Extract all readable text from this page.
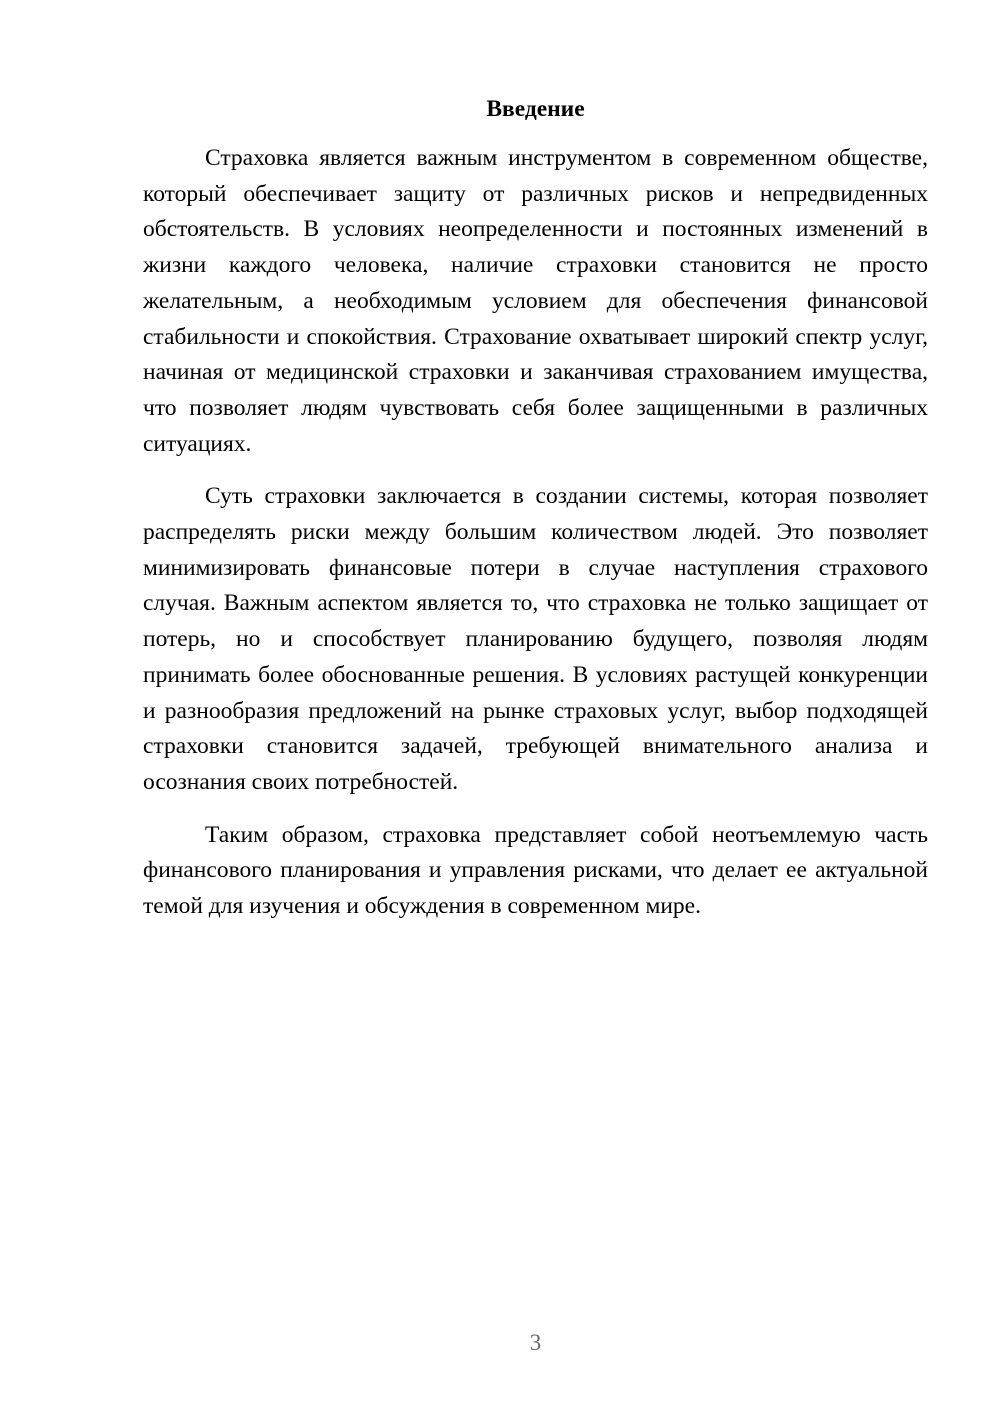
Введение

Страховка является важным инструментом в современном обществе, который обеспечивает защиту от различных рисков и непредвиденных обстоятельств. В условиях неопределенности и постоянных изменений в жизни каждого человека, наличие страховки становится не просто желательным, а необходимым условием для обеспечения финансовой стабильности и спокойствия. Страхование охватывает широкий спектр услуг, начиная от медицинской страховки и заканчивая страхованием имущества, что позволяет людям чувствовать себя более защищенными в различных ситуациях.

Суть страховки заключается в создании системы, которая позволяет распределять риски между большим количеством людей. Это позволяет минимизировать финансовые потери в случае наступления страхового случая. Важным аспектом является то, что страховка не только защищает от потерь, но и способствует планированию будущего, позволяя людям принимать более обоснованные решения. В условиях растущей конкуренции и разнообразия предложений на рынке страховых услуг, выбор подходящей страховки становится задачей, требующей внимательного анализа и осознания своих потребностей.

Таким образом, страховка представляет собой неотъемлемую часть финансового планирования и управления рисками, что делает ее актуальной темой для изучения и обсуждения в современном мире.

3
